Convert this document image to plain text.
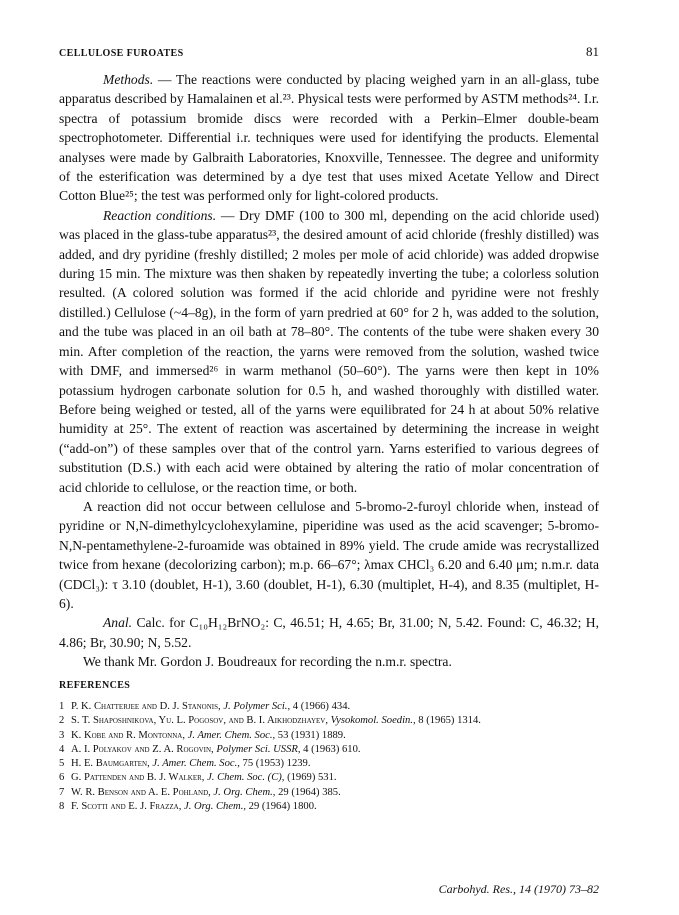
CELLULOSE FUROATES	81

Methods. — The reactions were conducted by placing weighed yarn in an all-glass, tube apparatus described by Hamalainen et al.²³. Physical tests were performed by ASTM methods²⁴. I.r. spectra of potassium bromide discs were recorded with a Perkin–Elmer double-beam spectrophotometer. Differential i.r. techniques were used for identifying the products. Elemental analyses were made by Galbraith Laboratories, Knoxville, Tennessee. The degree and uniformity of the esterification was determined by a dye test that uses mixed Acetate Yellow and Direct Cotton Blue²⁵; the test was performed only for light-colored products.

Reaction conditions. — Dry DMF (100 to 300 ml, depending on the acid chloride used) was placed in the glass-tube apparatus²³, the desired amount of acid chloride (freshly distilled) was added, and dry pyridine (freshly distilled; 2 moles per mole of acid chloride) was added dropwise during 15 min. The mixture was then shaken by repeatedly inverting the tube; a colorless solution resulted. (A colored solution was formed if the acid chloride and pyridine were not freshly distilled.) Cellulose (~4–8g), in the form of yarn predried at 60° for 2 h, was added to the solution, and the tube was placed in an oil bath at 78–80°. The contents of the tube were shaken every 30 min. After completion of the reaction, the yarns were removed from the solution, washed twice with DMF, and immersed²⁶ in warm methanol (50–60°). The yarns were then kept in 10% potassium hydrogen carbonate solution for 0.5 h, and washed thoroughly with distilled water. Before being weighed or tested, all of the yarns were equilibrated for 24 h at about 50% relative humidity at 25°. The extent of reaction was ascertained by determining the increase in weight (“add-on”) of these samples over that of the control yarn. Yarns esterified to various degrees of substitution (D.S.) with each acid were obtained by altering the ratio of molar concentration of acid chloride to cellulose, or the reaction time, or both.

A reaction did not occur between cellulose and 5-bromo-2-furoyl chloride when, instead of pyridine or N,N-dimethylcyclohexylamine, piperidine was used as the acid scavenger; 5-bromo-N,N-pentamethylene-2-furoamide was obtained in 89% yield. The crude amide was recrystallized twice from hexane (decolorizing carbon); m.p. 66–67°; λmax CHCl₃ 6.20 and 6.40 μm; n.m.r. data (CDCl₃): τ 3.10 (doublet, H-1), 3.60 (doublet, H-1), 6.30 (multiplet, H-4), and 8.35 (multiplet, H-6).

Anal. Calc. for C₁₀H₁₂BrNO₂: C, 46.51; H, 4.65; Br, 31.00; N, 5.42. Found: C, 46.32; H, 4.86; Br, 30.90; N, 5.52.

We thank Mr. Gordon J. Boudreaux for recording the n.m.r. spectra.

REFERENCES
1 P. K. Chatterjee and D. J. Stanonis, J. Polymer Sci., 4 (1966) 434.
2 S. T. Shaposhnikova, Yu. L. Pogosov, and B. I. Aikhodzhayev, Vysokomol. Soedin., 8 (1965) 1314.
3 K. Kobe and R. Montonna, J. Amer. Chem. Soc., 53 (1931) 1889.
4 A. I. Polyakov and Z. A. Rogovin, Polymer Sci. USSR, 4 (1963) 610.
5 H. E. Baumgarten, J. Amer. Chem. Soc., 75 (1953) 1239.
6 G. Pattenden and B. J. Walker, J. Chem. Soc. (C), (1969) 531.
7 W. R. Benson and A. E. Pohland, J. Org. Chem., 29 (1964) 385.
8 F. Scotti and E. J. Frazza, J. Org. Chem., 29 (1964) 1800.
Carbohyd. Res., 14 (1970) 73–82
